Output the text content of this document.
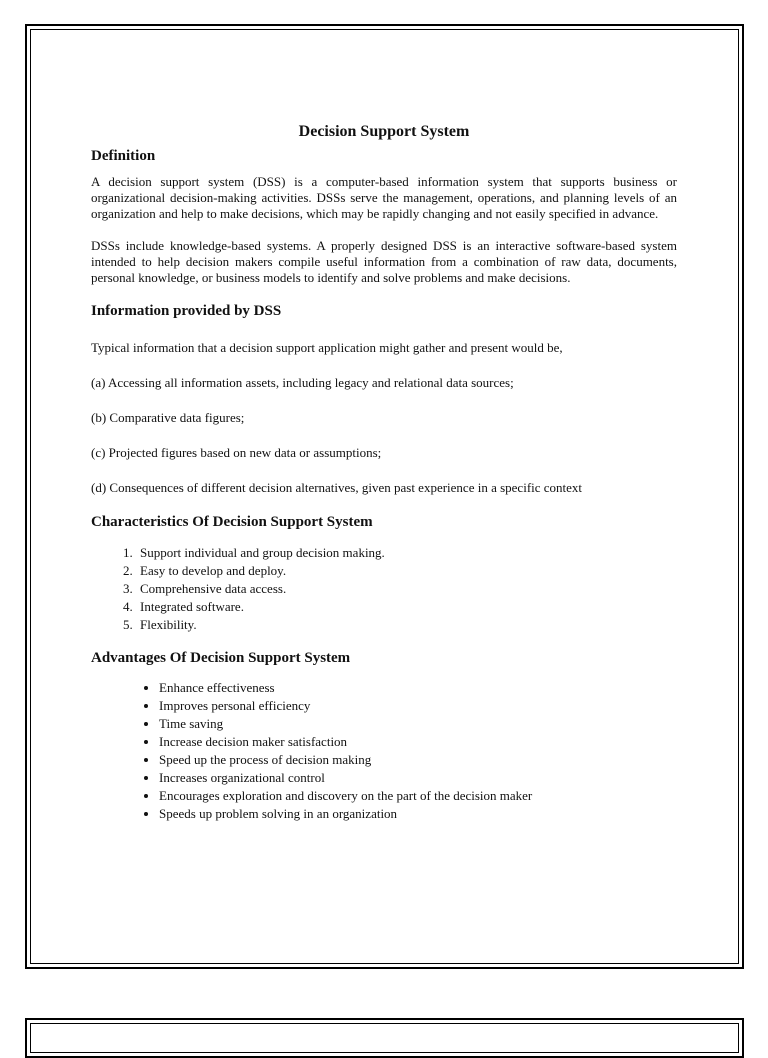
Decision Support System
Definition

A decision support system (DSS) is a computer-based information system that supports business or organizational decision-making activities. DSSs serve the management, operations, and planning levels of an organization and help to make decisions, which may be rapidly changing and not easily specified in advance.

DSSs include knowledge-based systems. A properly designed DSS is an interactive software-based system intended to help decision makers compile useful information from a combination of raw data, documents, personal knowledge, or business models to identify and solve problems and make decisions.

Information provided by DSS

Typical information that a decision support application might gather and present would be,

(a) Accessing all information assets, including legacy and relational data sources;

(b) Comparative data figures;

(c) Projected figures based on new data or assumptions;

(d) Consequences of different decision alternatives, given past experience in a specific context

Characteristics Of Decision Support System
1. Support individual and group decision making.
2. Easy to develop and deploy.
3. Comprehensive data access.
4. Integrated software.
5. Flexibility.
Advantages Of Decision Support System
• Enhance effectiveness
• Improves personal efficiency
• Time saving
• Increase decision maker satisfaction
• Speed up the process of decision making
• Increases organizational control
• Encourages exploration and discovery on the part of the decision maker
• Speeds up problem solving in an organization
